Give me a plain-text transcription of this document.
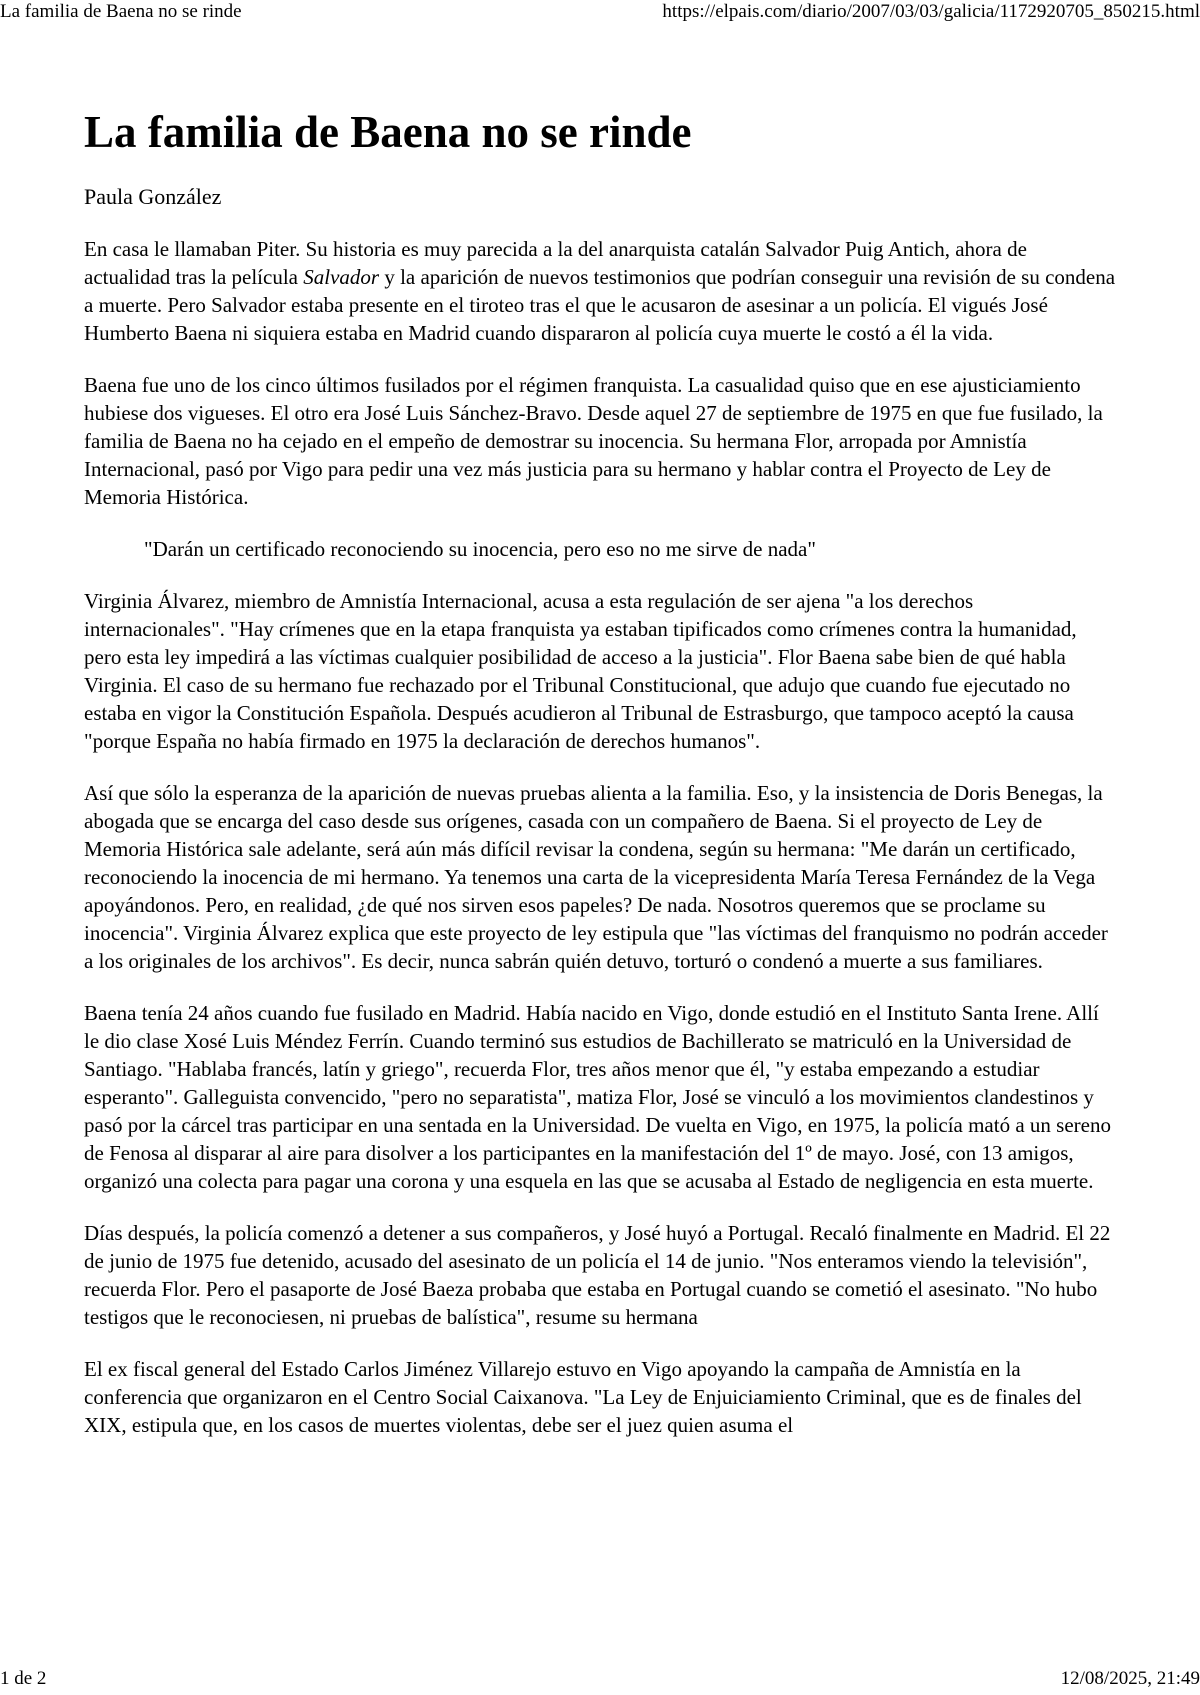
La familia de Baena no se rinde	https://elpais.com/diario/2007/03/03/galicia/1172920705_850215.html
La familia de Baena no se rinde
Paula González

En casa le llamaban Piter. Su historia es muy parecida a la del anarquista catalán Salvador Puig Antich, ahora de actualidad tras la película Salvador y la aparición de nuevos testimonios que podrían conseguir una revisión de su condena a muerte. Pero Salvador estaba presente en el tiroteo tras el que le acusaron de asesinar a un policía. El vigués José Humberto Baena ni siquiera estaba en Madrid cuando dispararon al policía cuya muerte le costó a él la vida.

Baena fue uno de los cinco últimos fusilados por el régimen franquista. La casualidad quiso que en ese ajusticiamiento hubiese dos vigueses. El otro era José Luis Sánchez-Bravo. Desde aquel 27 de septiembre de 1975 en que fue fusilado, la familia de Baena no ha cejado en el empeño de demostrar su inocencia. Su hermana Flor, arropada por Amnistía Internacional, pasó por Vigo para pedir una vez más justicia para su hermano y hablar contra el Proyecto de Ley de Memoria Histórica.

"Darán un certificado reconociendo su inocencia, pero eso no me sirve de nada"

Virginia Álvarez, miembro de Amnistía Internacional, acusa a esta regulación de ser ajena "a los derechos internacionales". "Hay crímenes que en la etapa franquista ya estaban tipificados como crímenes contra la humanidad, pero esta ley impedirá a las víctimas cualquier posibilidad de acceso a la justicia". Flor Baena sabe bien de qué habla Virginia. El caso de su hermano fue rechazado por el Tribunal Constitucional, que adujo que cuando fue ejecutado no estaba en vigor la Constitución Española. Después acudieron al Tribunal de Estrasburgo, que tampoco aceptó la causa "porque España no había firmado en 1975 la declaración de derechos humanos".

Así que sólo la esperanza de la aparición de nuevas pruebas alienta a la familia. Eso, y la insistencia de Doris Benegas, la abogada que se encarga del caso desde sus orígenes, casada con un compañero de Baena. Si el proyecto de Ley de Memoria Histórica sale adelante, será aún más difícil revisar la condena, según su hermana: "Me darán un certificado, reconociendo la inocencia de mi hermano. Ya tenemos una carta de la vicepresidenta María Teresa Fernández de la Vega apoyándonos. Pero, en realidad, ¿de qué nos sirven esos papeles? De nada. Nosotros queremos que se proclame su inocencia". Virginia Álvarez explica que este proyecto de ley estipula que "las víctimas del franquismo no podrán acceder a los originales de los archivos". Es decir, nunca sabrán quién detuvo, torturó o condenó a muerte a sus familiares.

Baena tenía 24 años cuando fue fusilado en Madrid. Había nacido en Vigo, donde estudió en el Instituto Santa Irene. Allí le dio clase Xosé Luis Méndez Ferrín. Cuando terminó sus estudios de Bachillerato se matriculó en la Universidad de Santiago. "Hablaba francés, latín y griego", recuerda Flor, tres años menor que él, "y estaba empezando a estudiar esperanto". Galleguista convencido, "pero no separatista", matiza Flor, José se vinculó a los movimientos clandestinos y pasó por la cárcel tras participar en una sentada en la Universidad. De vuelta en Vigo, en 1975, la policía mató a un sereno de Fenosa al disparar al aire para disolver a los participantes en la manifestación del 1º de mayo. José, con 13 amigos, organizó una colecta para pagar una corona y una esquela en las que se acusaba al Estado de negligencia en esta muerte.

Días después, la policía comenzó a detener a sus compañeros, y José huyó a Portugal. Recaló finalmente en Madrid. El 22 de junio de 1975 fue detenido, acusado del asesinato de un policía el 14 de junio. "Nos enteramos viendo la televisión", recuerda Flor. Pero el pasaporte de José Baeza probaba que estaba en Portugal cuando se cometió el asesinato. "No hubo testigos que le reconociesen, ni pruebas de balística", resume su hermana

El ex fiscal general del Estado Carlos Jiménez Villarejo estuvo en Vigo apoyando la campaña de Amnistía en la conferencia que organizaron en el Centro Social Caixanova. "La Ley de Enjuiciamiento Criminal, que es de finales del XIX, estipula que, en los casos de muertes violentas, debe ser el juez quien asuma el

1 de 2	12/08/2025, 21:49
